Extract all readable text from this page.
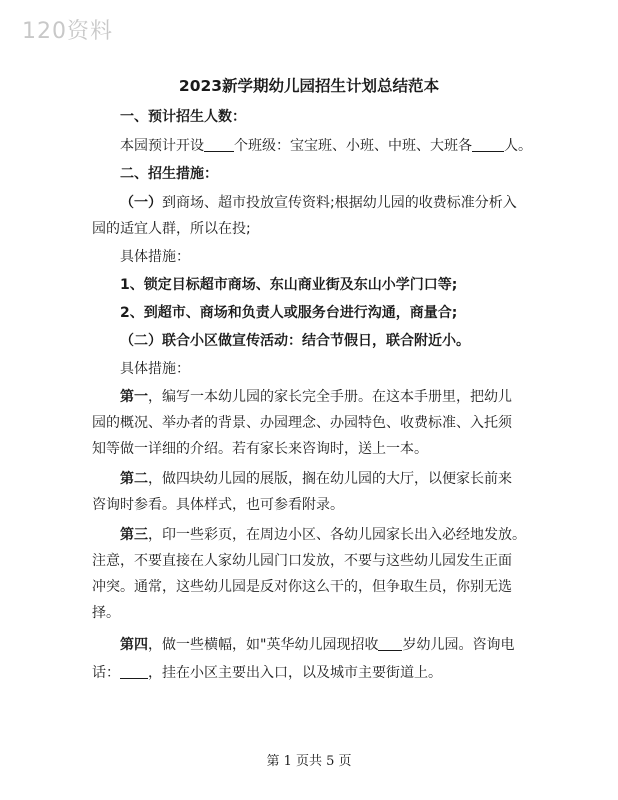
120资料
2023新学期幼儿园招生计划总结范本
一、预计招生人数：
本园预计开设 个班级：宝宝班、小班、中班、大班各 人。
二、招生措施：
（一）到商场、超市投放宣传资料;根据幼儿园的收费标准分析入
园的适宜人群，所以在投;
具体措施：
1、锁定目标超市商场、东山商业街及东山小学门口等;
2、到超市、商场和负责人或服务台进行沟通，商量合;
（二）联合小区做宣传活动：结合节假日，联合附近小。
具体措施：
第一，编写一本幼儿园的家长完全手册。在这本手册里，把幼儿
园的概况、举办者的背景、办园理念、办园特色、收费标准、入托须
知等做一详细的介绍。若有家长来咨询时，送上一本。
第二，做四块幼儿园的展版，搁在幼儿园的大厅，以便家长前来
咨询时参看。具体样式，也可参看附录。
第三，印一些彩页，在周边小区、各幼儿园家长出入必经地发放。
注意，不要直接在人家幼儿园门口发放，不要与这些幼儿园发生正面
冲突。通常，这些幼儿园是反对你这么干的，但争取生员，你别无选
择。
第四，做一些横幅，如"英华幼儿园现招收 岁幼儿园。咨询电
话： ，挂在小区主要出入口，以及城市主要街道上。
第 1 页共 5 页
